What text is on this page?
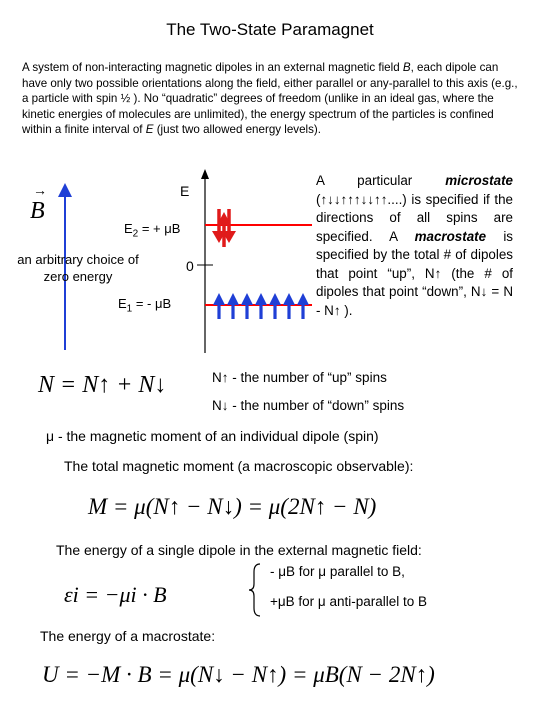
The Two-State Paramagnet
A system of non-interacting magnetic dipoles in an external magnetic field B, each dipole can have only two possible orientations along the field, either parallel or any-parallel to this axis (e.g., a particle with spin ½ ). No “quadratic” degrees of freedom (unlike in an ideal gas, where the kinetic energies of molecules are unlimited), the energy spectrum of the particles is confined within a finite interval of E (just two allowed energy levels).
→
B
E
$E_2$ = + μB
an arbitrary choice of zero energy
0
$E_1$ = - μB
A particular microstate (↑↓↓↑↑↑↓↓↑↑....) is specified if the directions of all spins are specified. A macrostate is specified by the total # of dipoles that point “up”, N↑ (the # of dipoles that point “down”, N↓ = N - N↑ ).
N = N↑ + N↓	N↑ - the number of “up” spins
N↓ - the number of “down” spins
μ - the magnetic moment of an individual dipole (spin)
The total magnetic moment (a macroscopic observable):
M = μ(N↑ − N↓) = μ(2N↑ − N)
The energy of a single dipole in the external magnetic field:
εi = −μi · B
- μB for μ parallel to B,
+μB for μ anti-parallel to B
The energy of a macrostate:
U = −M · B = μ(N↓ − N↑) = μB(N − 2N↑)
